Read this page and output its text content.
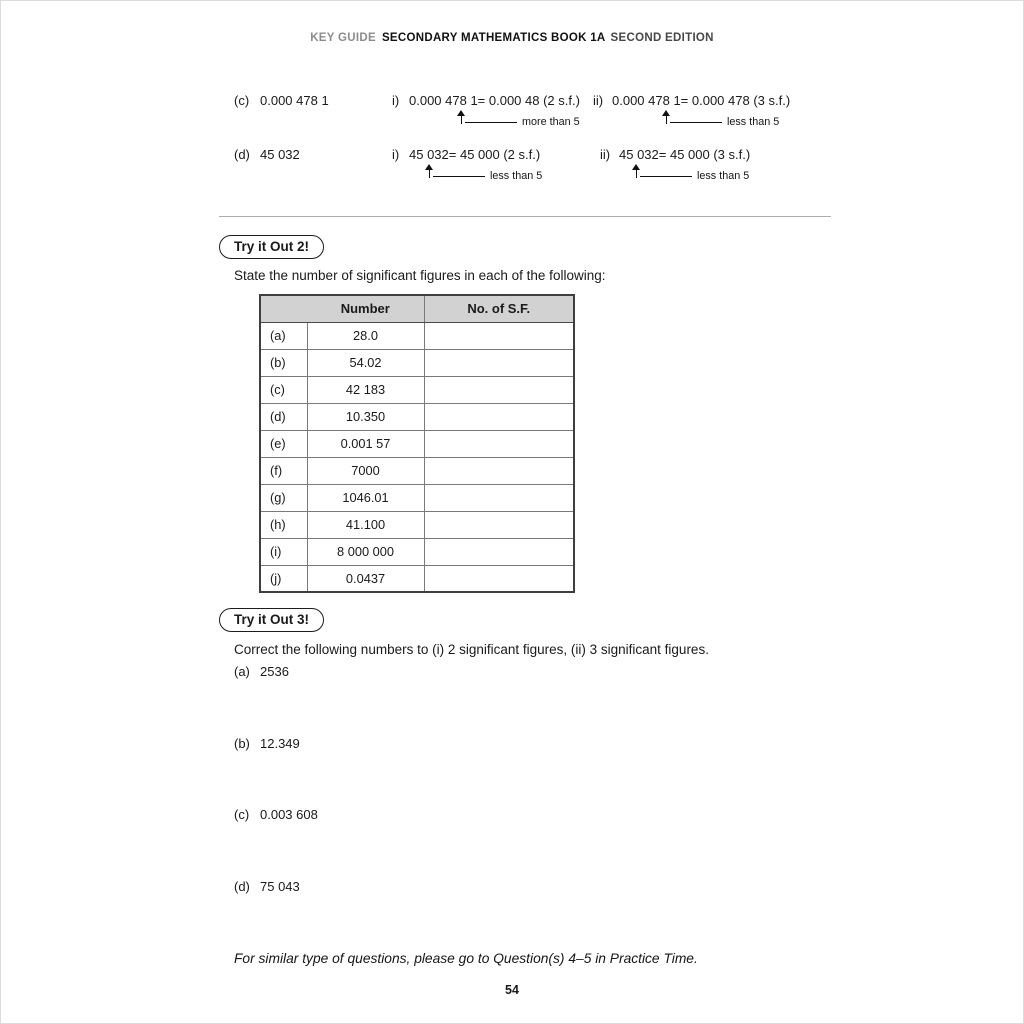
KEY GUIDE SECONDARY MATHEMATICS BOOK 1A SECOND EDITION
(c) 0.000 478 1	i) 0.000 478 1= 0.000 48 (2 s.f.) ii) 0.000 478 1= 0.000 478 (3 s.f.)
more than 5	less than 5
(d) 45 032	i) 45 032= 45 000 (2 s.f.)	ii) 45 032= 45 000 (3 s.f.)
less than 5	less than 5
Try it Out 2!
State the number of significant figures in each of the following:
Number		No. of S.F.
(a)	28.0	
(b)	54.02	
(c)	42 183	
(d)	10.350	
(e)	0.001 57	
(f)	7000	
(g)	1046.01	
(h)	41.100	
(i)	8 000 000	
(j)	0.0437	
Try it Out 3!
Correct the following numbers to (i) 2 significant figures, (ii) 3 significant figures.
(a) 2536
(b) 12.349
(c) 0.003 608
(d) 75 043
For similar type of questions, please go to Question(s) 4–5 in Practice Time.
54
